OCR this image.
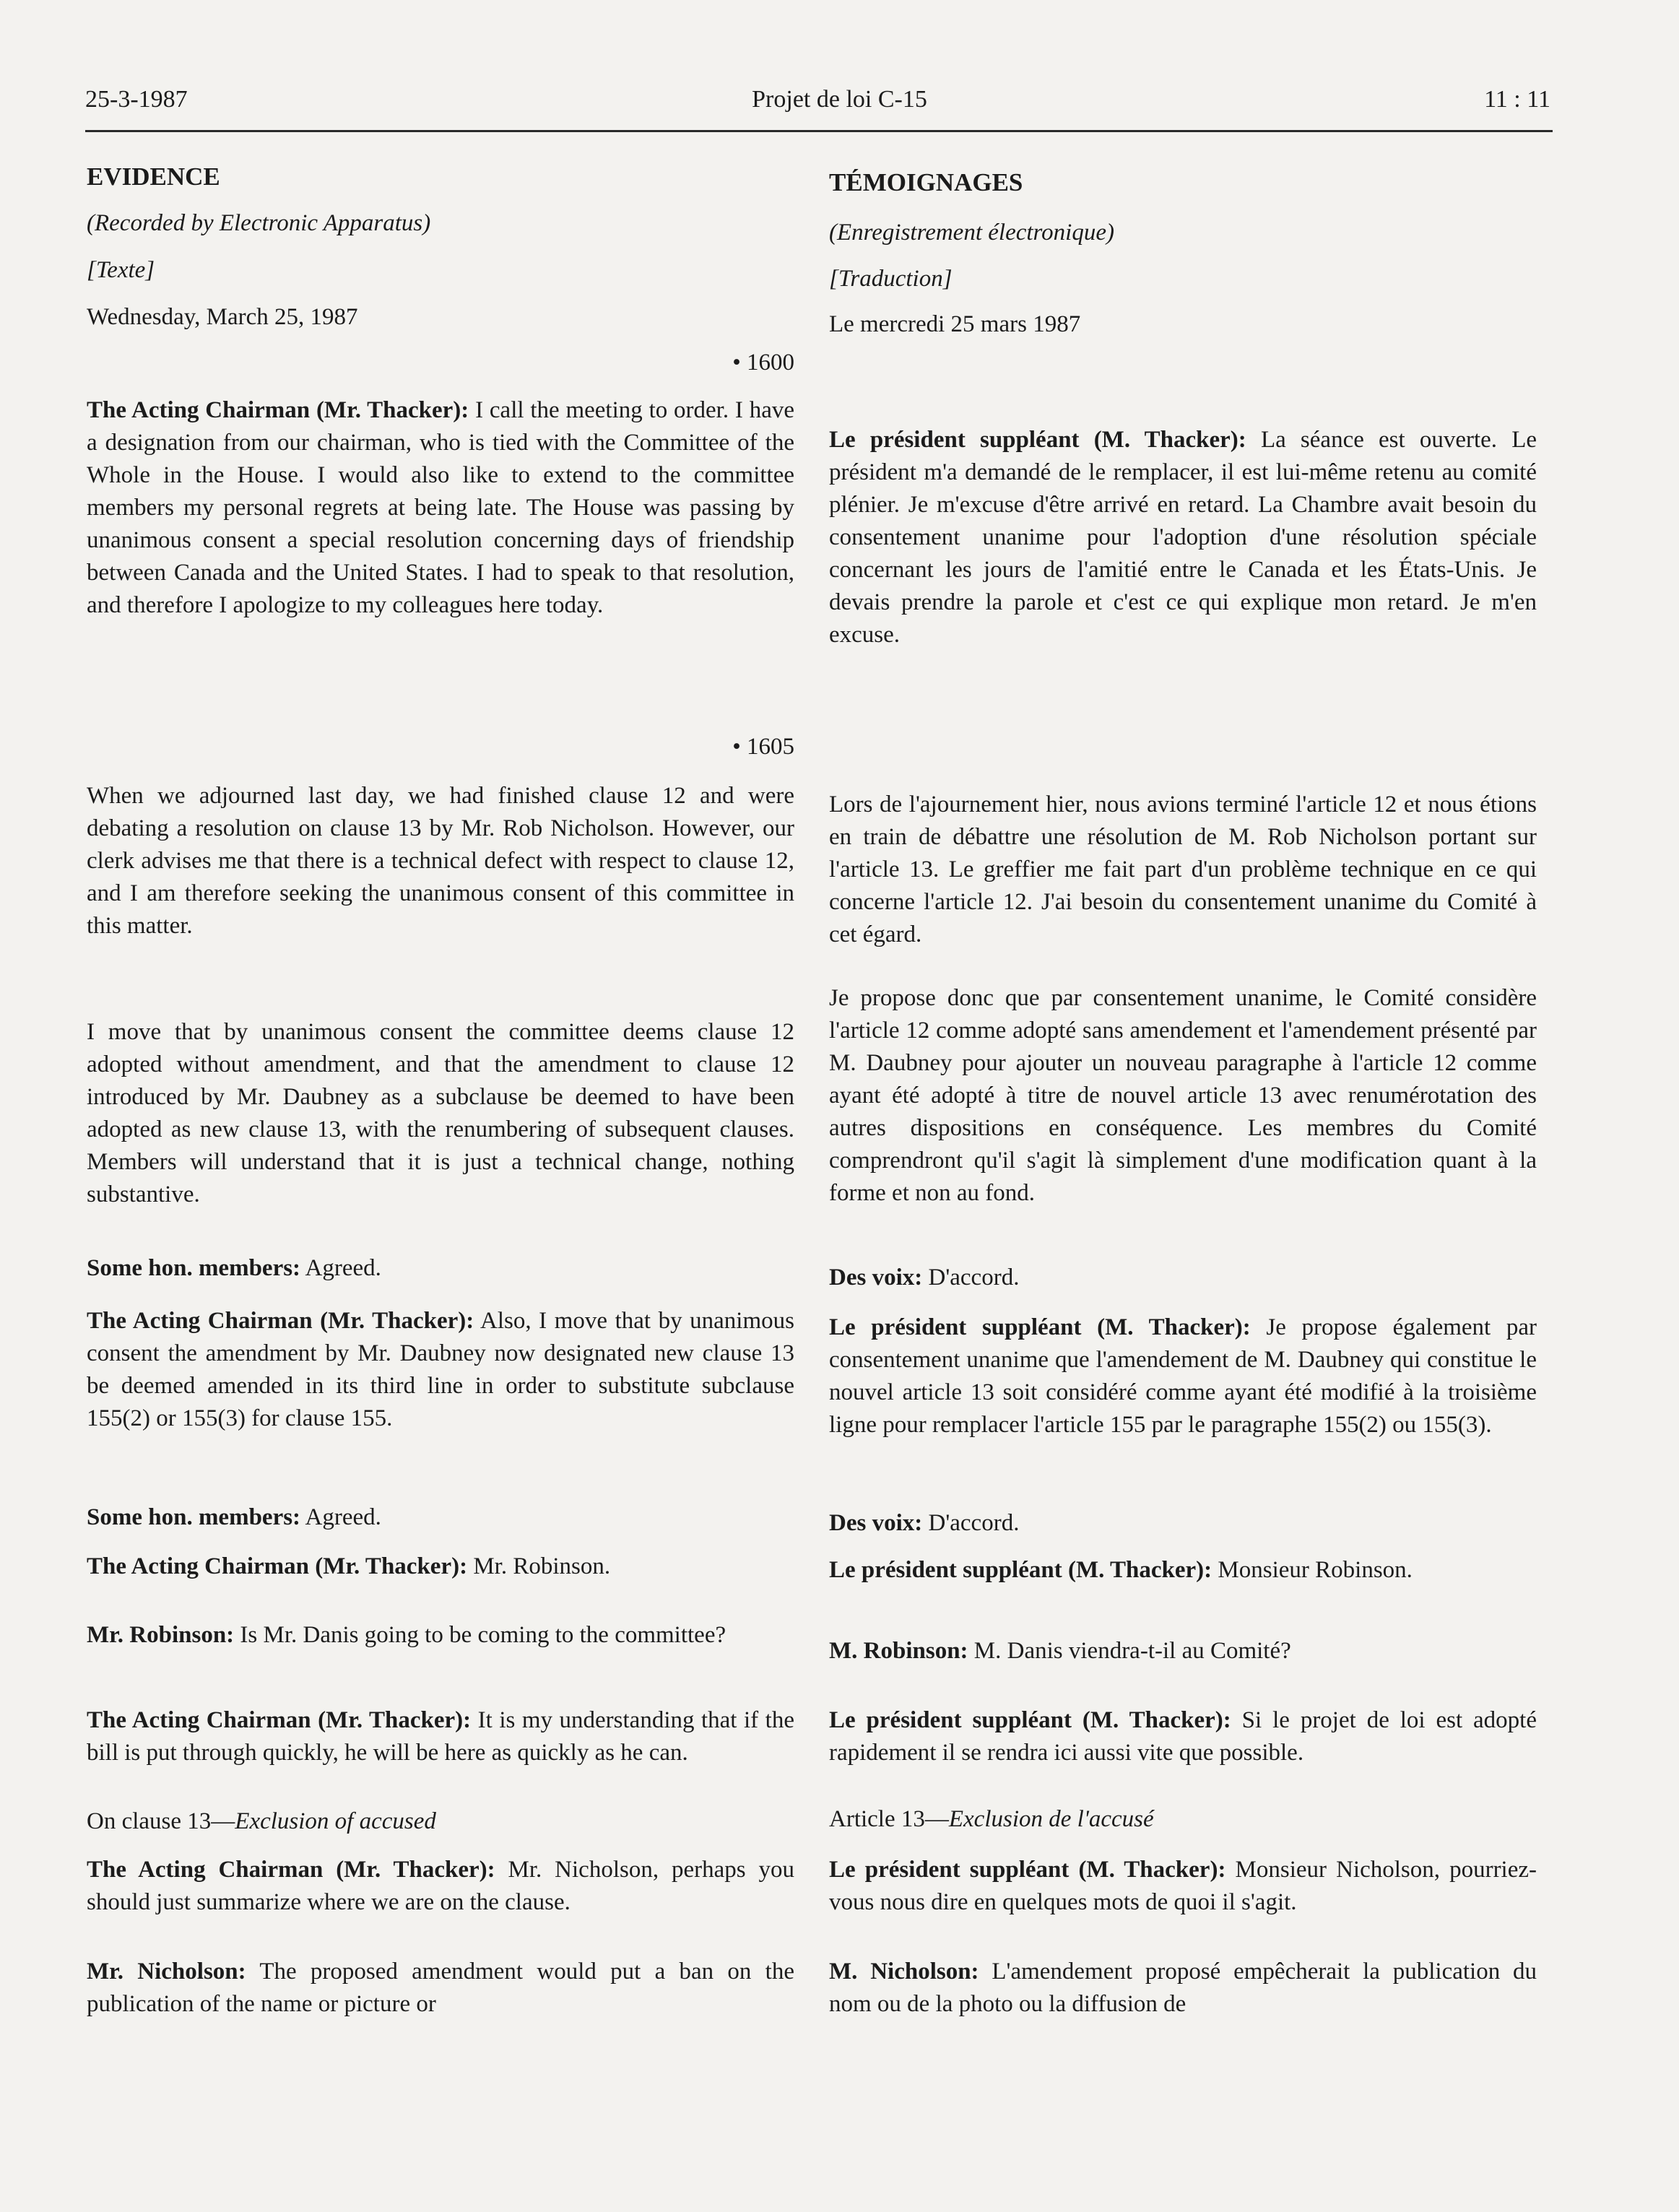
25-3-1987	Projet de loi C-15	11 : 11

EVIDENCE

(Recorded by Electronic Apparatus)

[Texte]

Wednesday, March 25, 1987

• 1600

The Acting Chairman (Mr. Thacker): I call the meeting to order. I have a designation from our chairman, who is tied with the Committee of the Whole in the House. I would also like to extend to the committee members my personal regrets at being late. The House was passing by unanimous consent a special resolution concerning days of friendship between Canada and the United States. I had to speak to that resolution, and therefore I apologize to my colleagues here today.

• 1605

When we adjourned last day, we had finished clause 12 and were debating a resolution on clause 13 by Mr. Rob Nicholson. However, our clerk advises me that there is a technical defect with respect to clause 12, and I am therefore seeking the unanimous consent of this committee in this matter.

I move that by unanimous consent the committee deems clause 12 adopted without amendment, and that the amendment to clause 12 introduced by Mr. Daubney as a subclause be deemed to have been adopted as new clause 13, with the renumbering of subsequent clauses. Members will understand that it is just a technical change, nothing substantive.

Some hon. members: Agreed.

The Acting Chairman (Mr. Thacker): Also, I move that by unanimous consent the amendment by Mr. Daubney now designated new clause 13 be deemed amended in its third line in order to substitute subclause 155(2) or 155(3) for clause 155.

Some hon. members: Agreed.

The Acting Chairman (Mr. Thacker): Mr. Robinson.

Mr. Robinson: Is Mr. Danis going to be coming to the committee?

The Acting Chairman (Mr. Thacker): It is my understanding that if the bill is put through quickly, he will be here as quickly as he can.

On clause 13—Exclusion of accused

The Acting Chairman (Mr. Thacker): Mr. Nicholson, perhaps you should just summarize where we are on the clause.

Mr. Nicholson: The proposed amendment would put a ban on the publication of the name or picture or

TÉMOIGNAGES

(Enregistrement électronique)

[Traduction]

Le mercredi 25 mars 1987

Le président suppléant (M. Thacker): La séance est ouverte. Le président m'a demandé de le remplacer, il est lui-même retenu au comité plénier. Je m'excuse d'être arrivé en retard. La Chambre avait besoin du consentement unanime pour l'adoption d'une résolution spéciale concernant les jours de l'amitié entre le Canada et les États-Unis. Je devais prendre la parole et c'est ce qui explique mon retard. Je m'en excuse.

Lors de l'ajournement hier, nous avions terminé l'article 12 et nous étions en train de débattre une résolution de M. Rob Nicholson portant sur l'article 13. Le greffier me fait part d'un problème technique en ce qui concerne l'article 12. J'ai besoin du consentement unanime du Comité à cet égard.

Je propose donc que par consentement unanime, le Comité considère l'article 12 comme adopté sans amendement et l'amendement présenté par M. Daubney pour ajouter un nouveau paragraphe à l'article 12 comme ayant été adopté à titre de nouvel article 13 avec renumérotation des autres dispositions en conséquence. Les membres du Comité comprendront qu'il s'agit là simplement d'une modification quant à la forme et non au fond.

Des voix: D'accord.

Le président suppléant (M. Thacker): Je propose également par consentement unanime que l'amendement de M. Daubney qui constitue le nouvel article 13 soit considéré comme ayant été modifié à la troisième ligne pour remplacer l'article 155 par le paragraphe 155(2) ou 155(3).

Des voix: D'accord.

Le président suppléant (M. Thacker): Monsieur Robinson.

M. Robinson: M. Danis viendra-t-il au Comité?

Le président suppléant (M. Thacker): Si le projet de loi est adopté rapidement il se rendra ici aussi vite que possible.

Article 13—Exclusion de l'accusé

Le président suppléant (M. Thacker): Monsieur Nicholson, pourriez-vous nous dire en quelques mots de quoi il s'agit.

M. Nicholson: L'amendement proposé empêcherait la publication du nom ou de la photo ou la diffusion de
